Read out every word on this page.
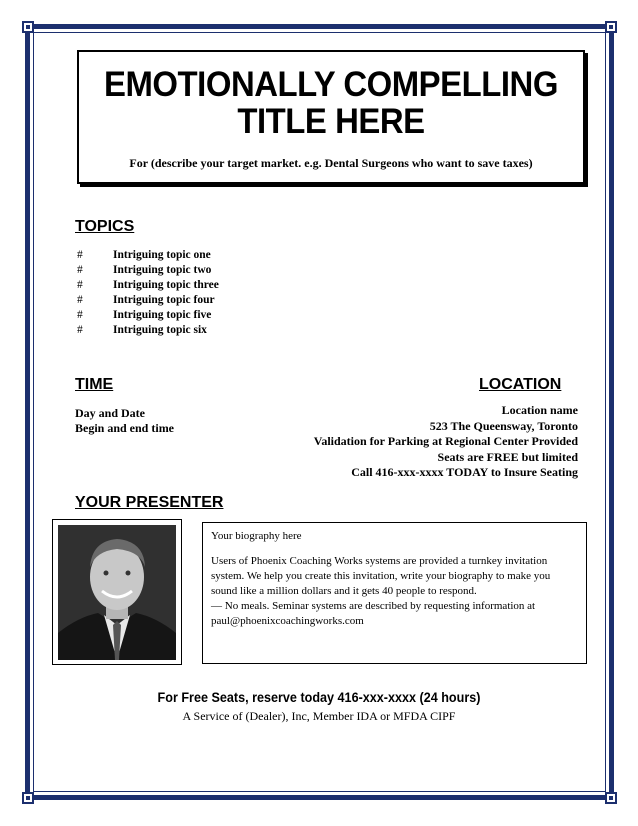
EMOTIONALLY COMPELLING
TITLE HERE
For (describe your target market. e.g. Dental Surgeons who want to save taxes)
TOPICS
#	Intriguing topic one
#	Intriguing topic two
#	Intriguing topic three
#	Intriguing topic four
#	Intriguing topic five
#	Intriguing topic six
TIME
Day and Date
Begin and end time
LOCATION
Location name
523 The Queensway, Toronto
Validation for Parking at Regional Center Provided
Seats are FREE but limited
Call 416-xxx-xxxx TODAY to Insure Seating
YOUR PRESENTER

Your biography here

Users of Phoenix Coaching Works systems are provided a turnkey invitation system. We help you create this invitation, write your biography to make you sound like a million dollars and it gets 40 people to respond.

— No meals. Seminar systems are described by requesting information at paul@phoenixcoachingworks.com
For Free Seats, reserve today 416-xxx-xxxx (24 hours)
A Service of (Dealer), Inc, Member IDA or MFDA CIPF
